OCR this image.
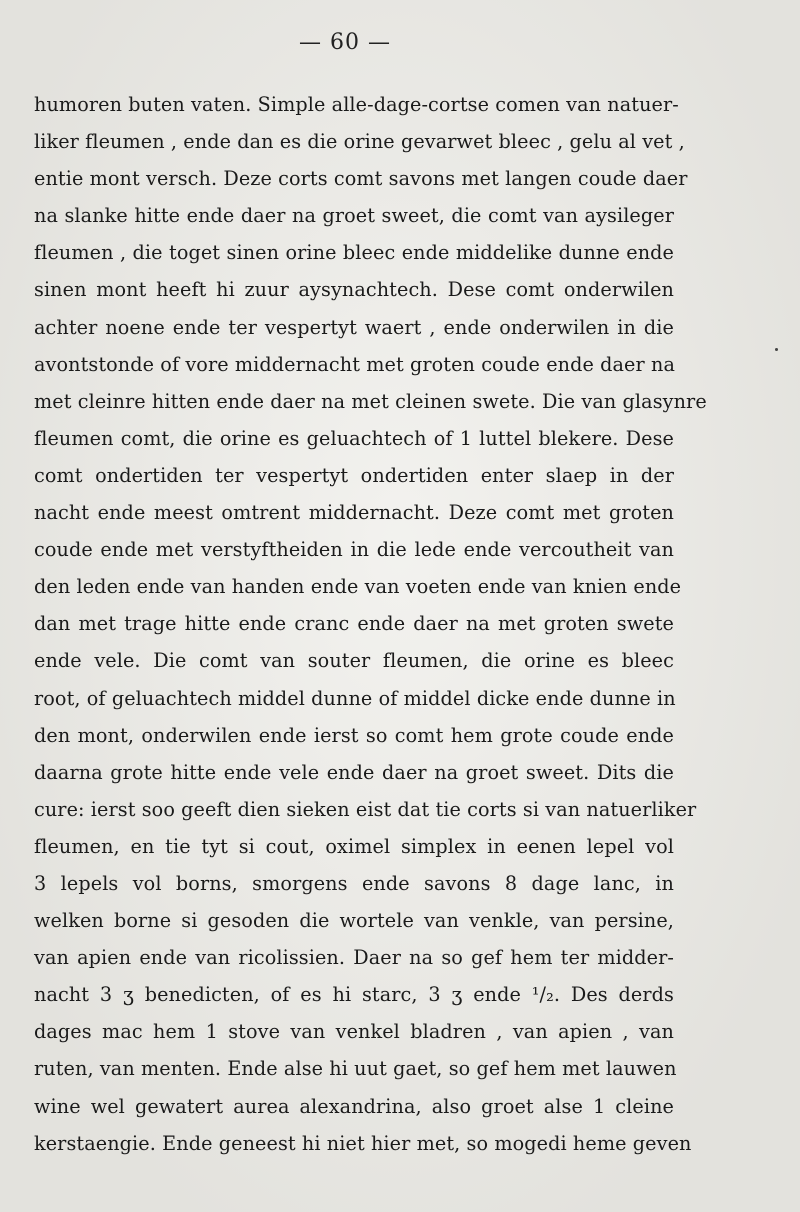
— 60 —
humoren buten vaten. Simple alle-dage-cortse comen van natuer-
liker fleumen , ende dan es die orine gevarwet bleec , gelu al vet ,
entie mont versch. Deze corts comt savons met langen coude daer
na slanke hitte ende daer na groet sweet, die comt van aysileger
fleumen , die toget sinen orine bleec ende middelike dunne ende
sinen mont heeft hi zuur aysynachtech. Dese comt onderwilen
achter noene ende ter vespertyt waert , ende onderwilen in die
avontstonde of vore middernacht met groten coude ende daer na
met cleinre hitten ende daer na met cleinen swete. Die van glasynre
fleumen comt, die orine es geluachtech of 1 luttel blekere. Dese
comt ondertiden ter vespertyt ondertiden enter slaep in der
nacht ende meest omtrent middernacht. Deze comt met groten
coude ende met verstyftheiden in die lede ende vercoutheit van
den leden ende van handen ende van voeten ende van knien ende
dan met trage hitte ende cranc ende daer na met groten swete
ende vele. Die comt van souter fleumen, die orine es bleec
root, of geluachtech middel dunne of middel dicke ende dunne in
den mont, onderwilen ende ierst so comt hem grote coude ende
daarna grote hitte ende vele ende daer na groet sweet. Dits die
cure: ierst soo geeft dien sieken eist dat tie corts si van natuerliker
fleumen, en tie tyt si cout, oximel simplex in eenen lepel vol
3 lepels vol borns, smorgens ende savons 8 dage lanc, in
welken borne si gesoden die wortele van venkle, van persine,
van apien ende van ricolissien. Daer na so gef hem ter midder-
nacht 3 ʒ benedicten, of es hi starc, 3 ʒ ende ¹/₂. Des derds
dages mac hem 1 stove van venkel bladren , van apien , van
ruten, van menten. Ende alse hi uut gaet, so gef hem met lauwen
wine wel gewatert aurea alexandrina, also groet alse 1 cleine
kerstaengie. Ende geneest hi niet hier met, so mogedi heme geven
